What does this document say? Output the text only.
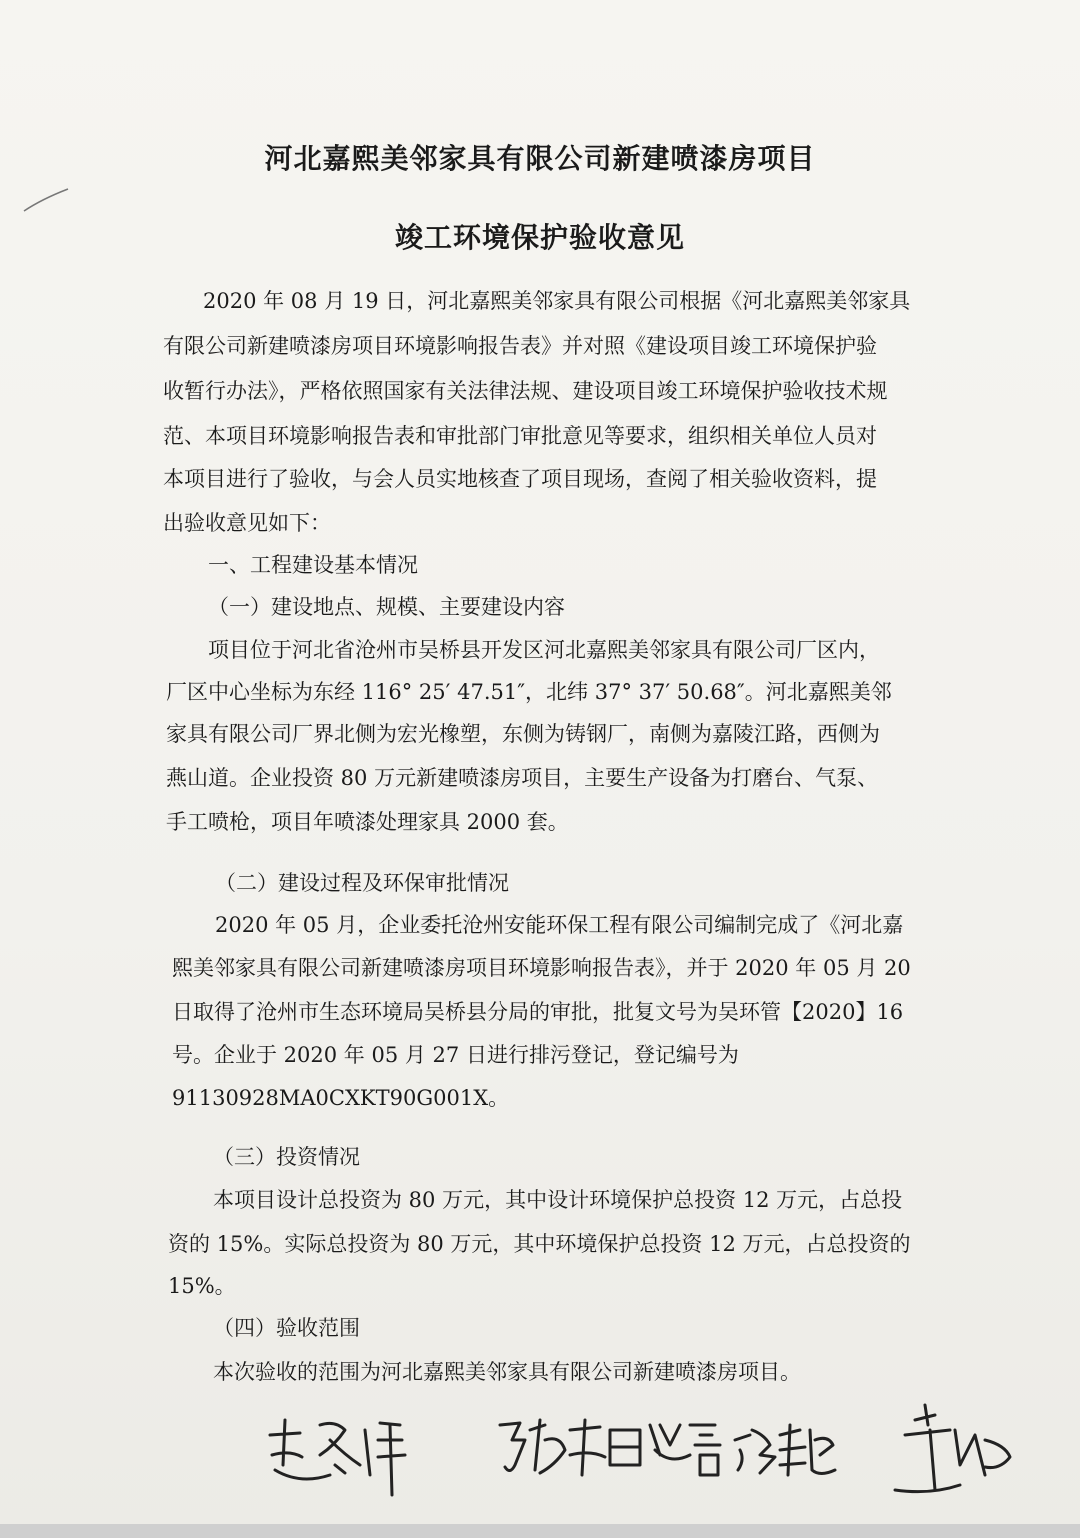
河北嘉熙美邻家具有限公司新建喷漆房项目
竣工环境保护验收意见
2020 年 08 月 19 日，河北嘉熙美邻家具有限公司根据《河北嘉熙美邻家具
有限公司新建喷漆房项目环境影响报告表》并对照《建设项目竣工环境保护验
收暂行办法》，严格依照国家有关法律法规、建设项目竣工环境保护验收技术规
范、本项目环境影响报告表和审批部门审批意见等要求，组织相关单位人员对
本项目进行了验收，与会人员实地核查了项目现场，查阅了相关验收资料，提
出验收意见如下：
一、工程建设基本情况
（一）建设地点、规模、主要建设内容
项目位于河北省沧州市吴桥县开发区河北嘉熙美邻家具有限公司厂区内，
厂区中心坐标为东经 116° 25′ 47.51″，北纬 37° 37′ 50.68″。河北嘉熙美邻
家具有限公司厂界北侧为宏光橡塑，东侧为铸钢厂，南侧为嘉陵江路，西侧为
燕山道。企业投资 80 万元新建喷漆房项目，主要生产设备为打磨台、气泵、
手工喷枪，项目年喷漆处理家具 2000 套。
（二）建设过程及环保审批情况
2020 年 05 月，企业委托沧州安能环保工程有限公司编制完成了《河北嘉
熙美邻家具有限公司新建喷漆房项目环境影响报告表》，并于 2020 年 05 月 20
日取得了沧州市生态环境局吴桥县分局的审批，批复文号为吴环管【2020】16
号。企业于 2020 年 05 月 27 日进行排污登记，登记编号为
91130928MA0CXKT90G001X。
（三）投资情况
本项目设计总投资为 80 万元，其中设计环境保护总投资 12 万元，占总投
资的 15%。实际总投资为 80 万元，其中环境保护总投资 12 万元，占总投资的
15%。
（四）验收范围
本次验收的范围为河北嘉熙美邻家具有限公司新建喷漆房项目。
